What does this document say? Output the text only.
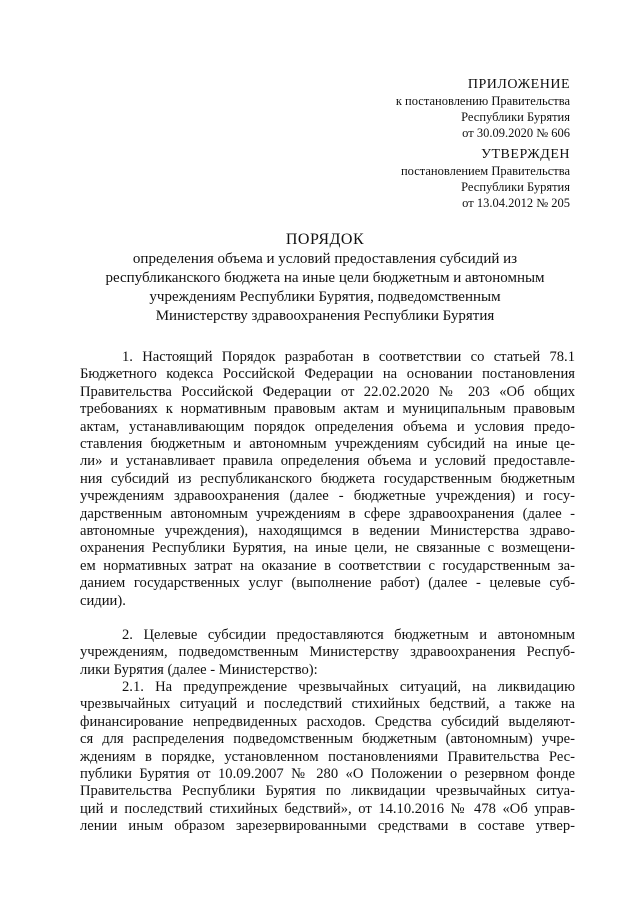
ПРИЛОЖЕНИЕ
к постановлению Правительства
Республики Бурятия
от 30.09.2020 № 606
УТВЕРЖДЕН
постановлением Правительства
Республики Бурятия
от 13.04.2012 № 205
ПОРЯДОК
определения объема и условий предоставления субсидий из
республиканского бюджета на иные цели бюджетным и автономным
учреждениям Республики Бурятия, подведомственным
Министерству здравоохранения Республики Бурятия
1. Настоящий Порядок разработан в соответствии со статьей 78.1
Бюджетного кодекса Российской Федерации на основании постановления
Правительства Российской Федерации от 22.02.2020 № 203 «Об общих
требованиях к нормативным правовым актам и муниципальным правовым
актам, устанавливающим порядок определения объема и условия предо-
ставления бюджетным и автономным учреждениям субсидий на иные це-
ли» и устанавливает правила определения объема и условий предоставле-
ния субсидий из республиканского бюджета государственным бюджетным
учреждениям здравоохранения (далее - бюджетные учреждения) и госу-
дарственным автономным учреждениям в сфере здравоохранения (далее -
автономные учреждения), находящимся в ведении Министерства здраво-
охранения Республики Бурятия, на иные цели, не связанные с возмещени-
ем нормативных затрат на оказание в соответствии с государственным за-
данием государственных услуг (выполнение работ) (далее - целевые суб-
сидии).
2. Целевые субсидии предоставляются бюджетным и автономным
учреждениям, подведомственным Министерству здравоохранения Респуб-
лики Бурятия (далее - Министерство):
2.1. На предупреждение чрезвычайных ситуаций, на ликвидацию
чрезвычайных ситуаций и последствий стихийных бедствий, а также на
финансирование непредвиденных расходов. Средства субсидий выделяют-
ся для распределения подведомственным бюджетным (автономным) учре-
ждениям в порядке, установленном постановлениями Правительства Рес-
публики Бурятия от 10.09.2007 № 280 «О Положении о резервном фонде
Правительства Республики Бурятия по ликвидации чрезвычайных ситуа-
ций и последствий стихийных бедствий», от 14.10.2016 № 478 «Об управ-
лении иным образом зарезервированными средствами в составе утвер-
